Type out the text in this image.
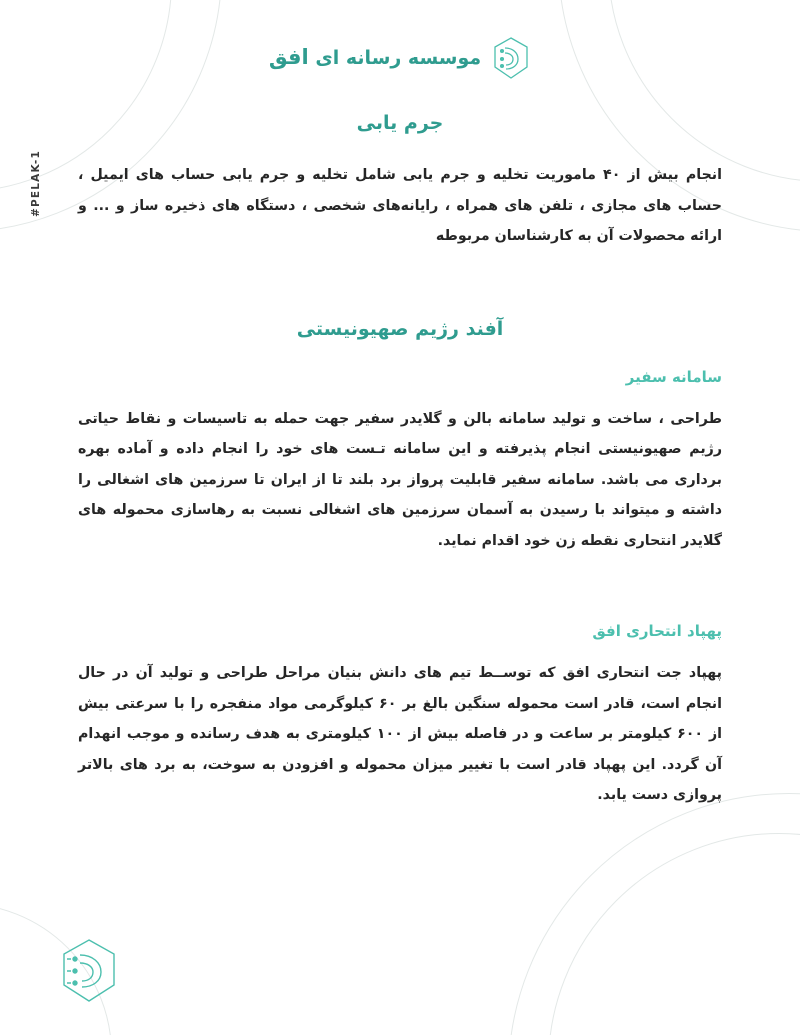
موسسه رسانه ای افق
#PELAK-1
جرم یابی

انجام بیش از ۴۰ ماموریت تخلیه و جرم یابی شامل تخلیه و جرم یابی حساب های ایمیل ، حساب های مجازی ، تلفن های همراه ، رایانه‌های شخصی ، دستگاه های ذخیره ساز و ... و ارائه محصولات آن به کارشناسان مربوطه

آفند رژیم صهیونیستی
سامانه سفیر

طراحی ، ساخت و تولید سامانه بالن و گلایدر سفیر جهت حمله به تاسیسات و نقاط حیاتی رژیم صهیونیستی انجام پذیرفته و این سامانه تـست های خود را انجام داده و آماده بهره برداری می باشد. سامانه سفیر قابلیت پرواز برد بلند تا از ایران تا سرزمین های اشغالی را داشته و میتواند با رسیدن به آسمان سرزمین های اشغالی نسبت به رهاسازی محموله های گلایدر انتحاری نقطه زن خود اقدام نماید.

پهپاد انتحاری افق

پهپاد جت انتحاری افق که توســط تیم های دانش بنیان مراحل طراحی و تولید آن در حال انجام است، قادر است محموله سنگین بالغ بر ۶۰ کیلوگرمی مواد منفجره را با سرعتی بیش از ۶۰۰ کیلومتر بر ساعت و در فاصله بیش از ۱۰۰ کیلومتری به هدف رسانده و موجب انهدام آن گردد. این پهپاد قادر است با تغییر میزان محموله و افزودن به سوخت، به برد های بالاتر پروازی دست یابد.
